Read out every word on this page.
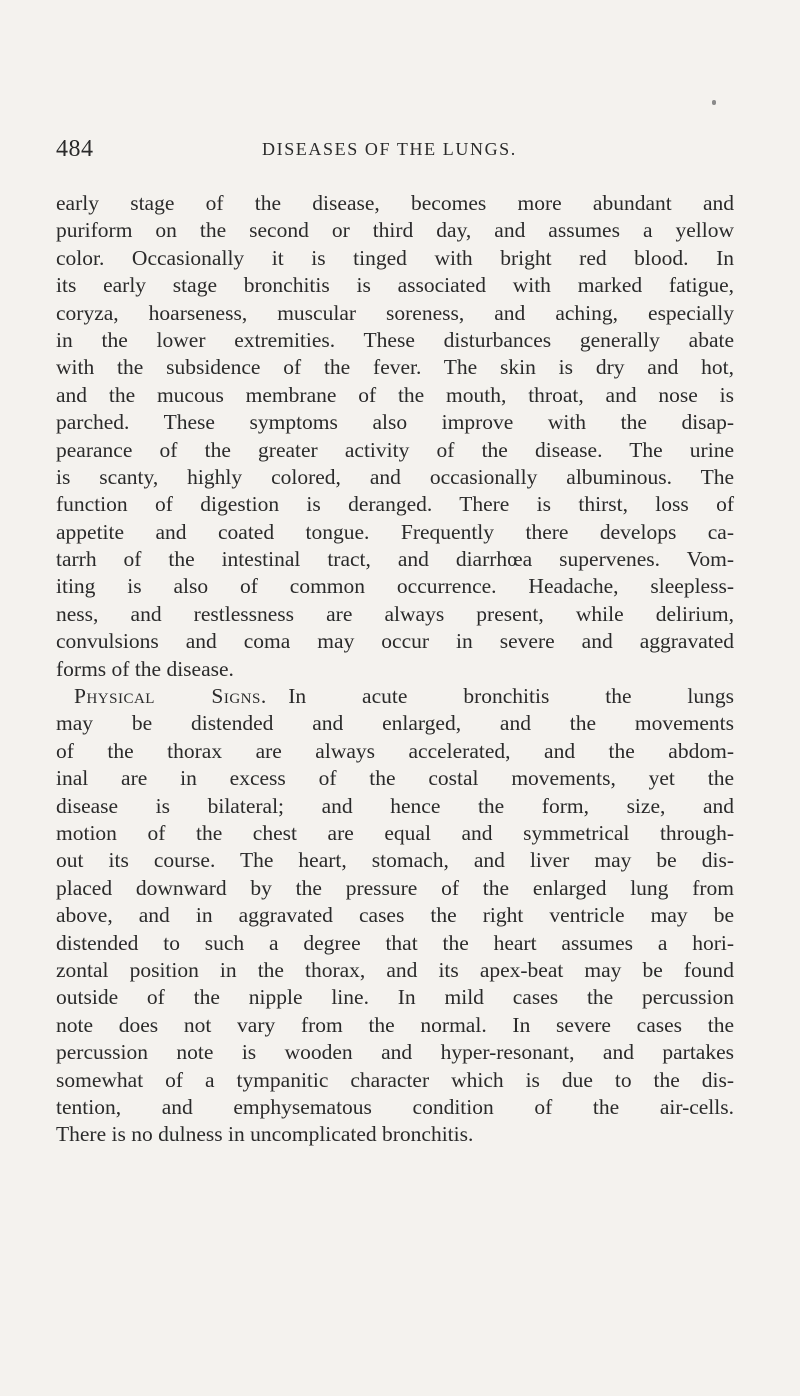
484	DISEASES OF THE LUNGS.
early stage of the disease, becomes more abundant and
puriform on the second or third day, and assumes a yellow
color. Occasionally it is tinged with bright red blood. In
its early stage bronchitis is associated with marked fatigue,
coryza, hoarseness, muscular soreness, and aching, especially
in the lower extremities. These disturbances generally abate
with the subsidence of the fever. The skin is dry and hot,
and the mucous membrane of the mouth, throat, and nose is
parched. These symptoms also improve with the disap-
pearance of the greater activity of the disease. The urine
is scanty, highly colored, and occasionally albuminous. The
function of digestion is deranged. There is thirst, loss of
appetite and coated tongue. Frequently there develops ca-
tarrh of the intestinal tract, and diarrhœa supervenes. Vom-
iting is also of common occurrence. Headache, sleepless-
ness, and restlessness are always present, while delirium,
convulsions and coma may occur in severe and aggravated
forms of the disease.
Physical Signs.  In acute bronchitis the lungs
may be distended and enlarged, and the movements
of the thorax are always accelerated, and the abdom-
inal are in excess of the costal movements, yet the
disease is bilateral; and hence the form, size, and
motion of the chest are equal and symmetrical through-
out its course. The heart, stomach, and liver may be dis-
placed downward by the pressure of the enlarged lung from
above, and in aggravated cases the right ventricle may be
distended to such a degree that the heart assumes a hori-
zontal position in the thorax, and its apex-beat may be found
outside of the nipple line. In mild cases the percussion
note does not vary from the normal. In severe cases the
percussion note is wooden and hyper-resonant, and partakes
somewhat of a tympanitic character which is due to the dis-
tention, and emphysematous condition of the air-cells.
There is no dulness in uncomplicated bronchitis.
